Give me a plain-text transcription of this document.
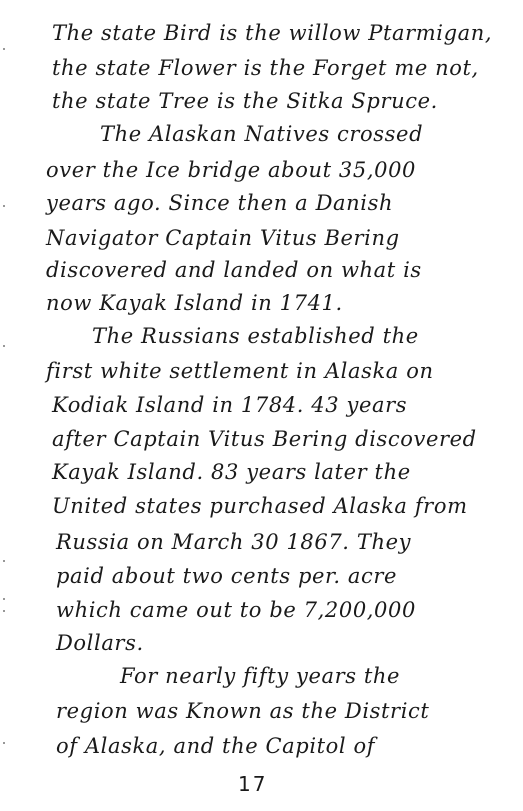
The state Bird is the willow Ptarmigan,
the state Flower is the Forget me not,
the state Tree is the Sitka Spruce.
The Alaskan Natives crossed
over the Ice bridge about 35,000
years ago. Since then a Danish
Navigator Captain Vitus Bering
discovered and landed on what is
now Kayak Island in 1741.
The Russians established the
first white settlement in Alaska on
Kodiak Island in 1784. 43 years
after Captain Vitus Bering discovered
Kayak Island. 83 years later the
United states purchased Alaska from
Russia on March 30 1867. They
paid about two cents per. acre
which came out to be 7,200,000
Dollars.
For nearly fifty years the
region was Known as the District
of Alaska, and the Capitol of
17
